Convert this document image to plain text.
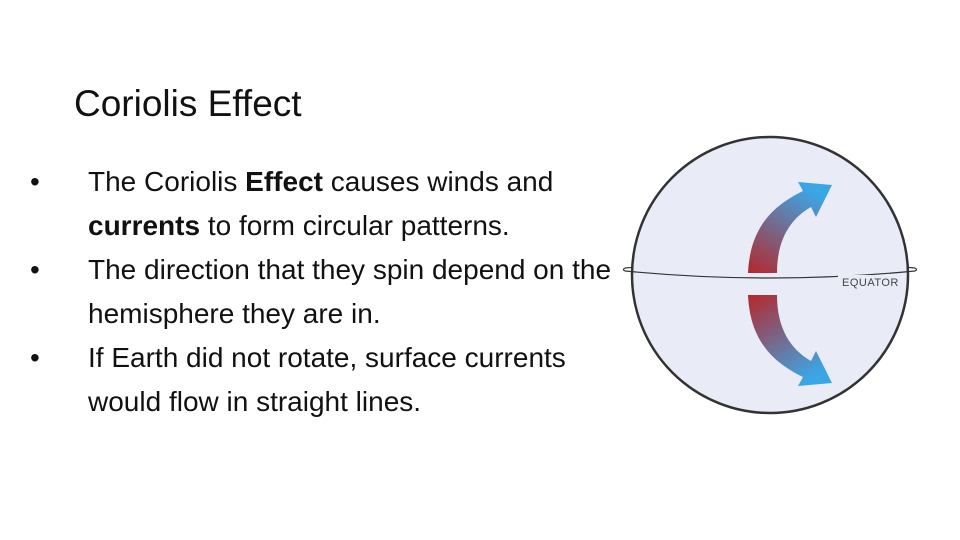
Coriolis Effect
•	The Coriolis Effect causes winds and currents to form circular patterns.
•	The direction that they spin depend on the hemisphere they are in.
•	If Earth did not rotate, surface currents would flow in straight lines.
EQUATOR
